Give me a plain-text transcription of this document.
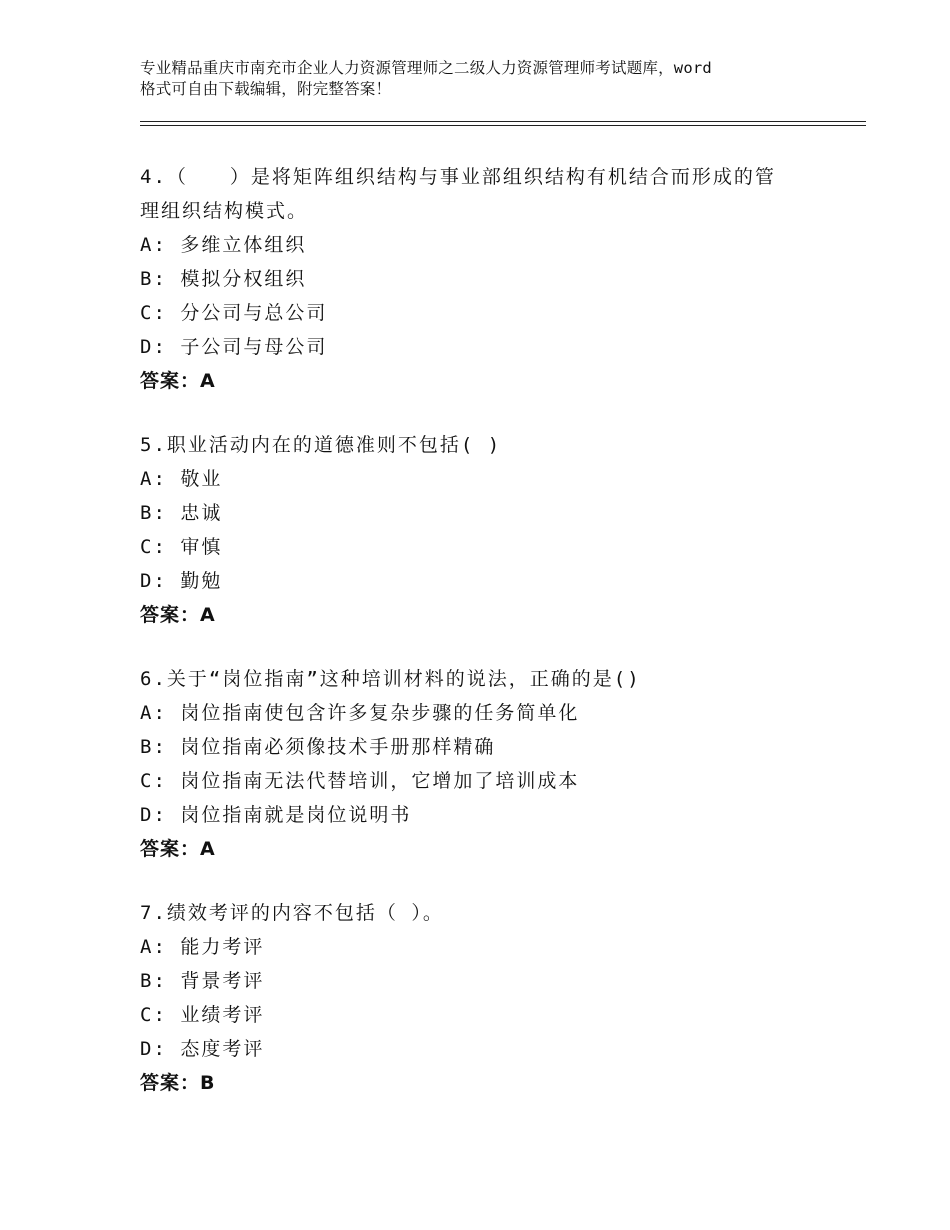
专业精品重庆市南充市企业人力资源管理师之二级人力资源管理师考试题库，word
格式可自由下载编辑，附完整答案！
4.（　　）是将矩阵组织结构与事业部组织结构有机结合而形成的管
理组织结构模式。
A: 多维立体组织
B: 模拟分权组织
C: 分公司与总公司
D: 子公司与母公司
答案：A
5.职业活动内在的道德准则不包括( )
A: 敬业
B: 忠诚
C: 审慎
D: 勤勉
答案：A
6.关于“岗位指南”这种培训材料的说法，正确的是()
A: 岗位指南使包含许多复杂步骤的任务简单化
B: 岗位指南必须像技术手册那样精确
C: 岗位指南无法代替培训，它增加了培训成本
D: 岗位指南就是岗位说明书
答案：A
7.绩效考评的内容不包括（ ）。
A: 能力考评
B: 背景考评
C: 业绩考评
D: 态度考评
答案：B
